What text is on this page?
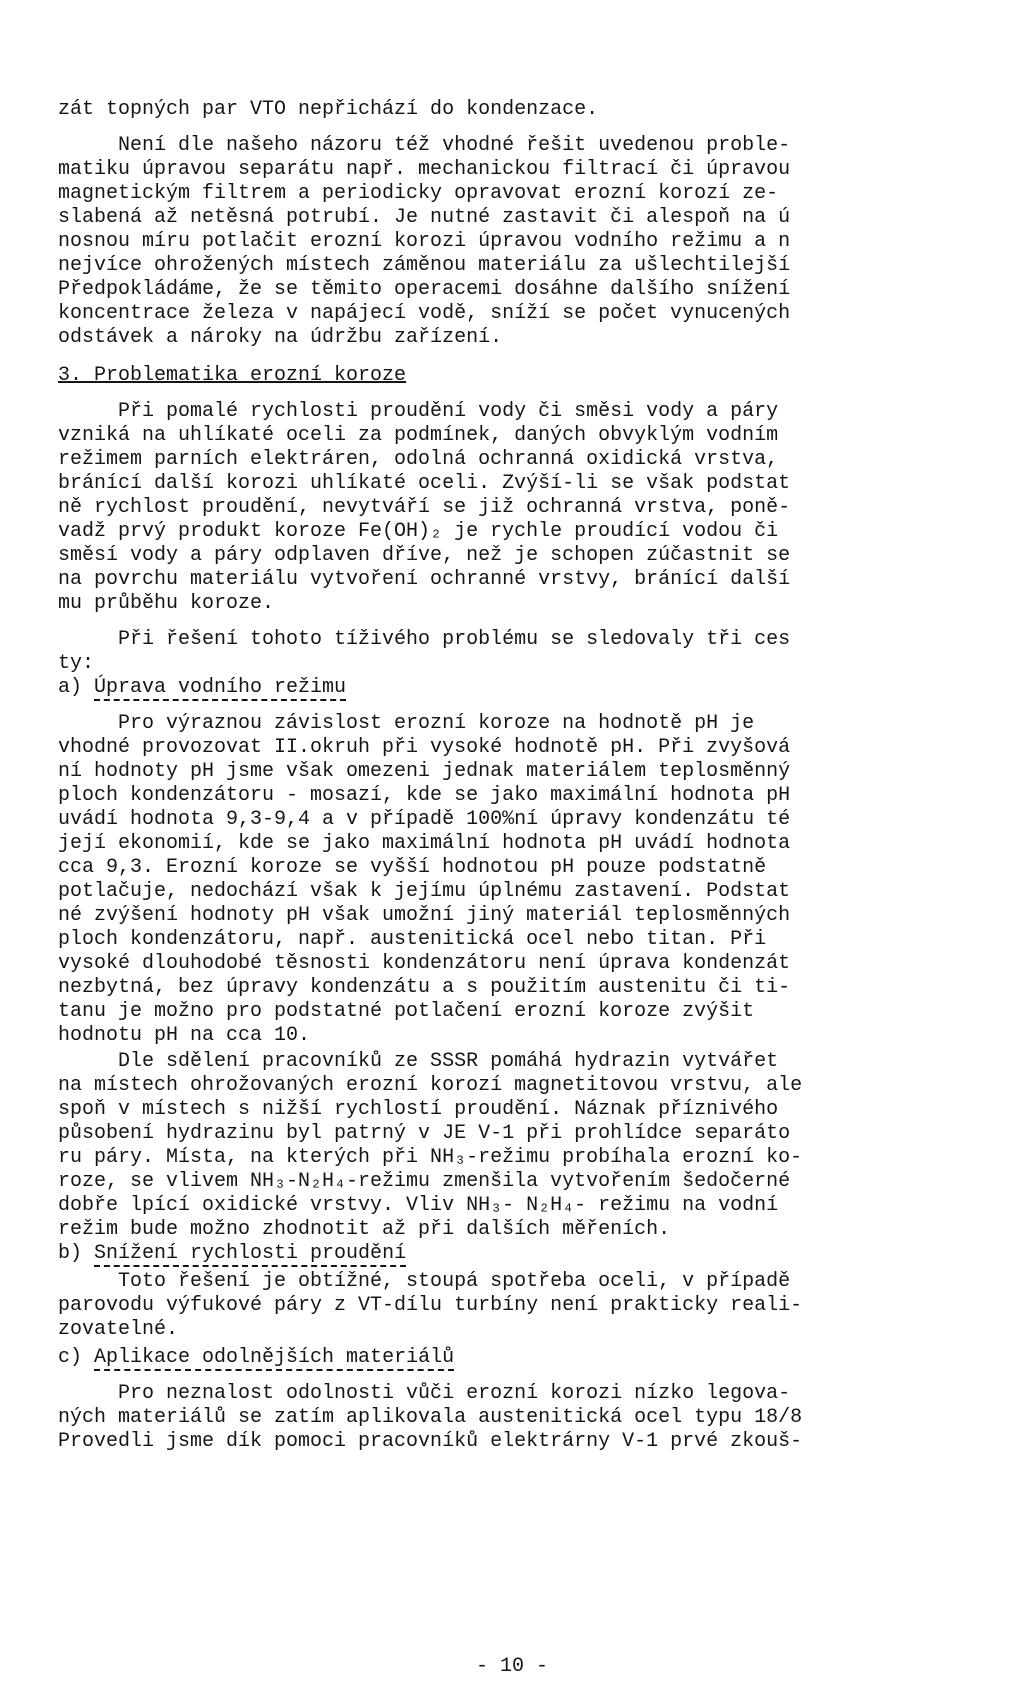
zát topných par VTO nepřichází do kondenzace.
Není dle našeho názoru též vhodné řešit uvedenou proble-
matiku úpravou separátu např. mechanickou filtrací či úpravou
magnetickým filtrem a periodicky opravovat erozní korozí ze-
slabená až netěsná potrubí. Je nutné zastavit či alespoň na ú
nosnou míru potlačit erozní korozi úpravou vodního režimu a n
nejvíce ohrožených místech záměnou materiálu za ušlechtilejší
Předpokládáme, že se těmito operacemi dosáhne dalšího snížení
koncentrace železa v napájecí vodě, sníží se počet vynucených
odstávek a nároky na údržbu zařízení.
3. Problematika erozní koroze
Při pomalé rychlosti proudění vody či směsi vody a páry
vzniká na uhlíkaté oceli za podmínek, daných obvyklým vodním
režimem parních elektráren, odolná ochranná oxidická vrstva,
bránící další korozi uhlíkaté oceli. Zvýší-li se však podstat
ně rychlost proudění, nevytváří se již ochranná vrstva, poně-
vadž prvý produkt koroze Fe(OH)₂ je rychle proudící vodou či
směsí vody a páry odplaven dříve, než je schopen zúčastnit se
na povrchu materiálu vytvoření ochranné vrstvy, bránící další
mu průběhu koroze.
Při řešení tohoto tíživého problému se sledovaly tři ces
ty:
a) Úprava vodního režimu
Pro výraznou závislost erozní koroze na hodnotě pH je
vhodné provozovat II.okruh při vysoké hodnotě pH. Při zvyšová
ní hodnoty pH jsme však omezeni jednak materiálem teplosměnný
ploch kondenzátoru - mosazí, kde se jako maximální hodnota pH
uvádí hodnota 9,3-9,4 a v případě 100%ní úpravy kondenzátu té
její ekonomií, kde se jako maximální hodnota pH uvádí hodnota
cca 9,3. Erozní koroze se vyšší hodnotou pH pouze podstatně
potlačuje, nedochází však k jejímu úplnému zastavení. Podstat
né zvýšení hodnoty pH však umožní jiný materiál teplosměnných
ploch kondenzátoru, např. austenitická ocel nebo titan. Při
vysoké dlouhodobé těsnosti kondenzátoru není úprava kondenzát
nezbytná, bez úpravy kondenzátu a s použitím austenitu či ti-
tanu je možno pro podstatné potlačení erozní koroze zvýšit
hodnotu pH na cca 10.
Dle sdělení pracovníků ze SSSR pomáhá hydrazin vytvářet
na místech ohrožovaných erozní korozí magnetitovou vrstvu, ale
spoň v místech s nižší rychlostí proudění. Náznak příznivého
působení hydrazinu byl patrný v JE V-1 při prohlídce separáto
ru páry. Místa, na kterých při NH₃-režimu probíhala erozní ko-
roze, se vlivem NH₃-N₂H₄-režimu zmenšila vytvořením šedočerné
dobře lpící oxidické vrstvy. Vliv NH₃- N₂H₄- režimu na vodní
režim bude možno zhodnotit až při dalších měřeních.
b) Snížení rychlosti proudění
Toto řešení je obtížné, stoupá spotřeba oceli, v případě
parovodu výfukové páry z VT-dílu turbíny není prakticky reali-
zovatelné.
c) Aplikace odolnějších materiálů
Pro neznalost odolnosti vůči erozní korozi nízko legova-
ných materiálů se zatím aplikovala austenitická ocel typu 18/8
Provedli jsme dík pomoci pracovníků elektrárny V-1 prvé zkouš-
- 10 -
